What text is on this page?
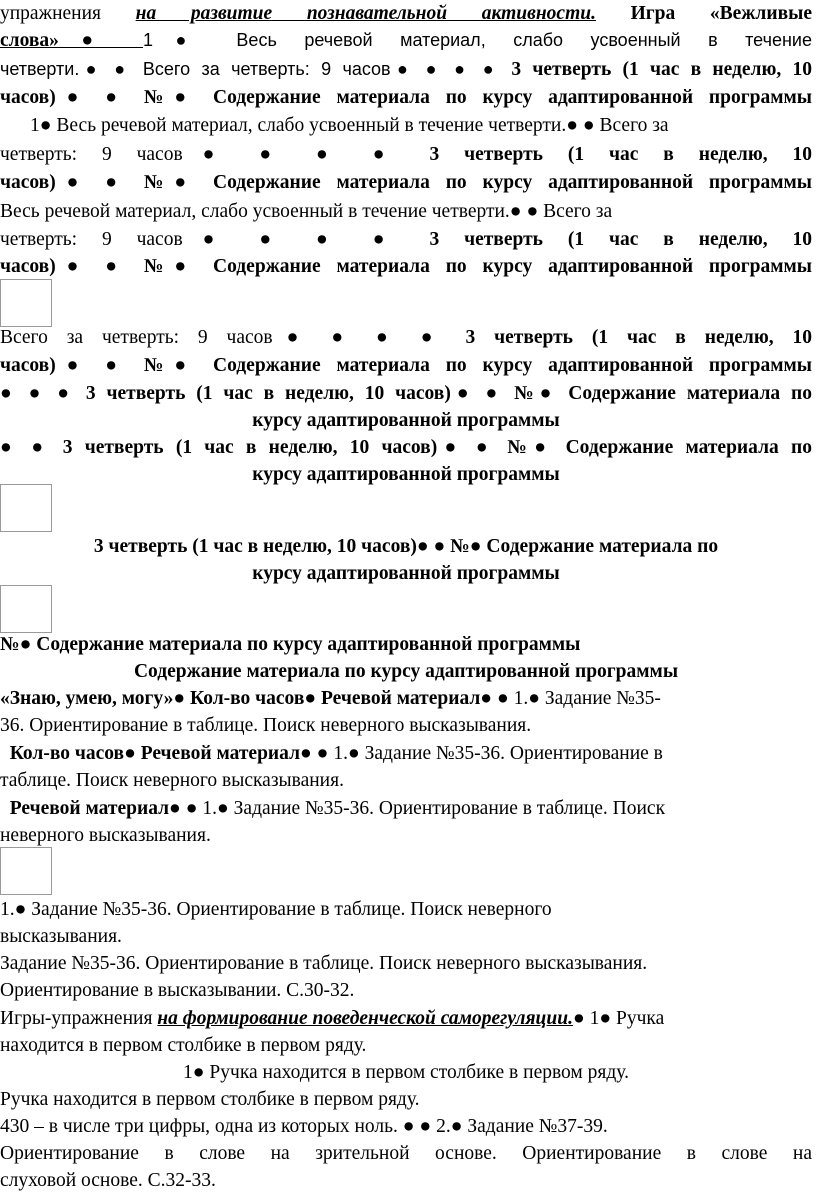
упражнения на развитие познавательной активности. Игра «Вежливые
слова»● 1● Весь речевой материал, слабо усвоенный в течение
четверти.● ● Всего за четверть: 9 часов● ● ● ● 3 четверть (1 час в неделю, 10
часов)● ● №● Содержание материала по курсу адаптированной программы
1● Весь речевой материал, слабо усвоенный в течение четверти.● ● Всего за
четверть: 9 часов● ● ● ● 3 четверть (1 час в неделю, 10
часов)● ● №● Содержание материала по курсу адаптированной программы
Весь речевой материал, слабо усвоенный в течение четверти.● ● Всего за
четверть: 9 часов● ● ● ● 3 четверть (1 час в неделю, 10
часов)● ● №● Содержание материала по курсу адаптированной программы
Всего за четверть: 9 часов● ● ● ● 3 четверть (1 час в неделю, 10
часов)● ● №● Содержание материала по курсу адаптированной программы
● ● ● 3 четверть (1 час в неделю, 10 часов)● ● №● Содержание материала по
курсу адаптированной программы
● ● 3 четверть (1 час в неделю, 10 часов)● ● №● Содержание материала по
курсу адаптированной программы
3 четверть (1 час в неделю, 10 часов)● ● №● Содержание материала по
курсу адаптированной программы
№● Содержание материала по курсу адаптированной программы
Содержание материала по курсу адаптированной программы
«Знаю, умею, могу»● Кол-во часов● Речевой материал● ● 1.● Задание №35-
36. Ориентирование в таблице. Поиск неверного высказывания.
Кол-во часов● Речевой материал● ● 1.● Задание №35-36. Ориентирование в
таблице. Поиск неверного высказывания.
Речевой материал● ● 1.● Задание №35-36. Ориентирование в таблице. Поиск
неверного высказывания.
1.● Задание №35-36. Ориентирование в таблице. Поиск неверного
высказывания.
Задание №35-36. Ориентирование в таблице. Поиск неверного высказывания.
Ориентирование в высказывании. С.30-32.
Игры-упражнения на формирование поведенческой саморегуляции.● 1● Ручка
находится в первом столбике в первом ряду.
1● Ручка находится в первом столбике в первом ряду.
Ручка находится в первом столбике в первом ряду.
430 – в числе три цифры, одна из которых ноль. ● ● 2.● Задание №37-39.
Ориентирование в слове на зрительной основе. Ориентирование в слове на
слуховой основе. С.32-33.
